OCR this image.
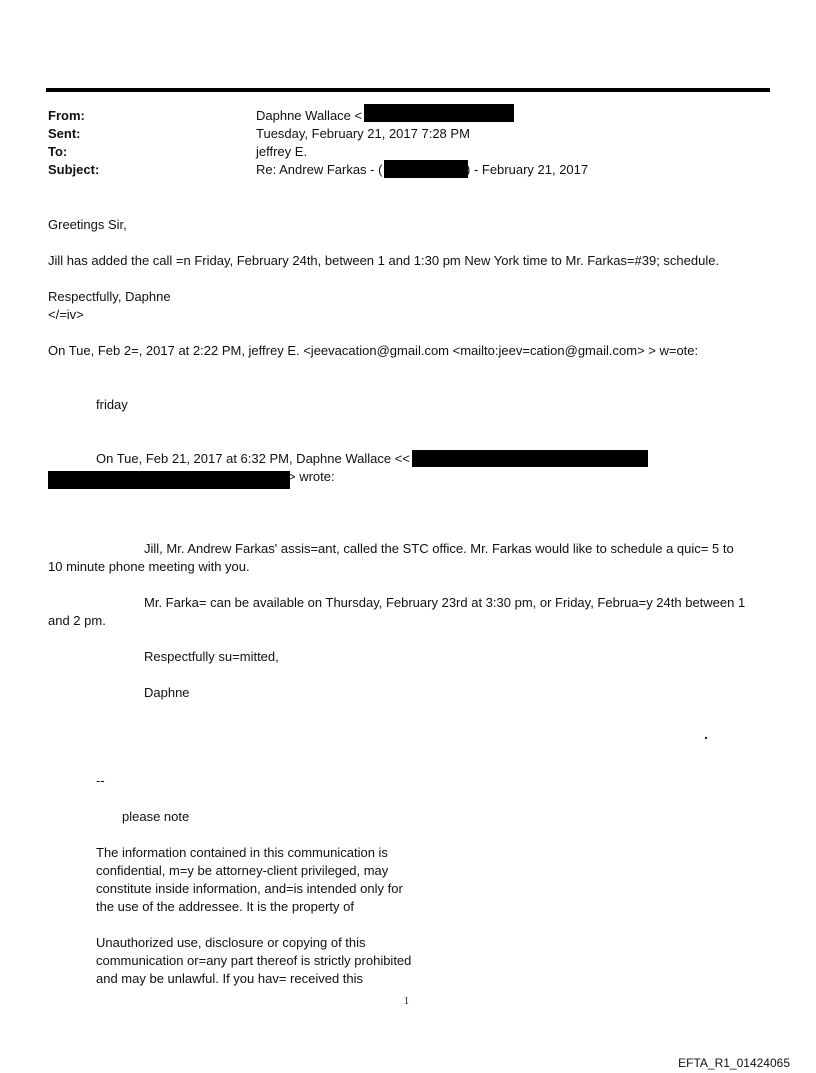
From:	Daphne Wallace <
Sent:	Tuesday, February 21, 2017 7:28 PM
To:	jeffrey E.
Subject:	Re: Andrew Farkas - (	) - February 21, 2017
Greetings Sir,
Jill has added the call =n Friday, February 24th, between 1 and 1:30 pm New York time to Mr. Farkas=#39; schedule.
Respectfully, Daphne
</=iv>
On Tue, Feb 2=, 2017 at 2:22 PM, jeffrey E. <jeevacation@gmail.com <mailto:jeev=cation@gmail.com> > w=ote:
friday
On Tue, Feb 21, 2017 at 6:32 PM, Daphne Wallace <<
> wrote:
Jill, Mr. Andrew Farkas' assis=ant, called the STC office. Mr. Farkas would like to schedule a quic= 5 to
10 minute phone meeting with you.
Mr. Farka= can be available on Thursday, February 23rd at 3:30 pm, or Friday, Februa=y 24th between 1
and 2 pm.
Respectfully su=mitted,
Daphne
.
--
please note
The information contained in this communication is
confidential, m=y be attorney-client privileged, may
constitute inside information, and=is intended only for
the use of the addressee. It is the property of
Unauthorized use, disclosure or copying of this
communication or=any part thereof is strictly prohibited
and may be unlawful. If you hav= received this
1
EFTA_R1_01424065
